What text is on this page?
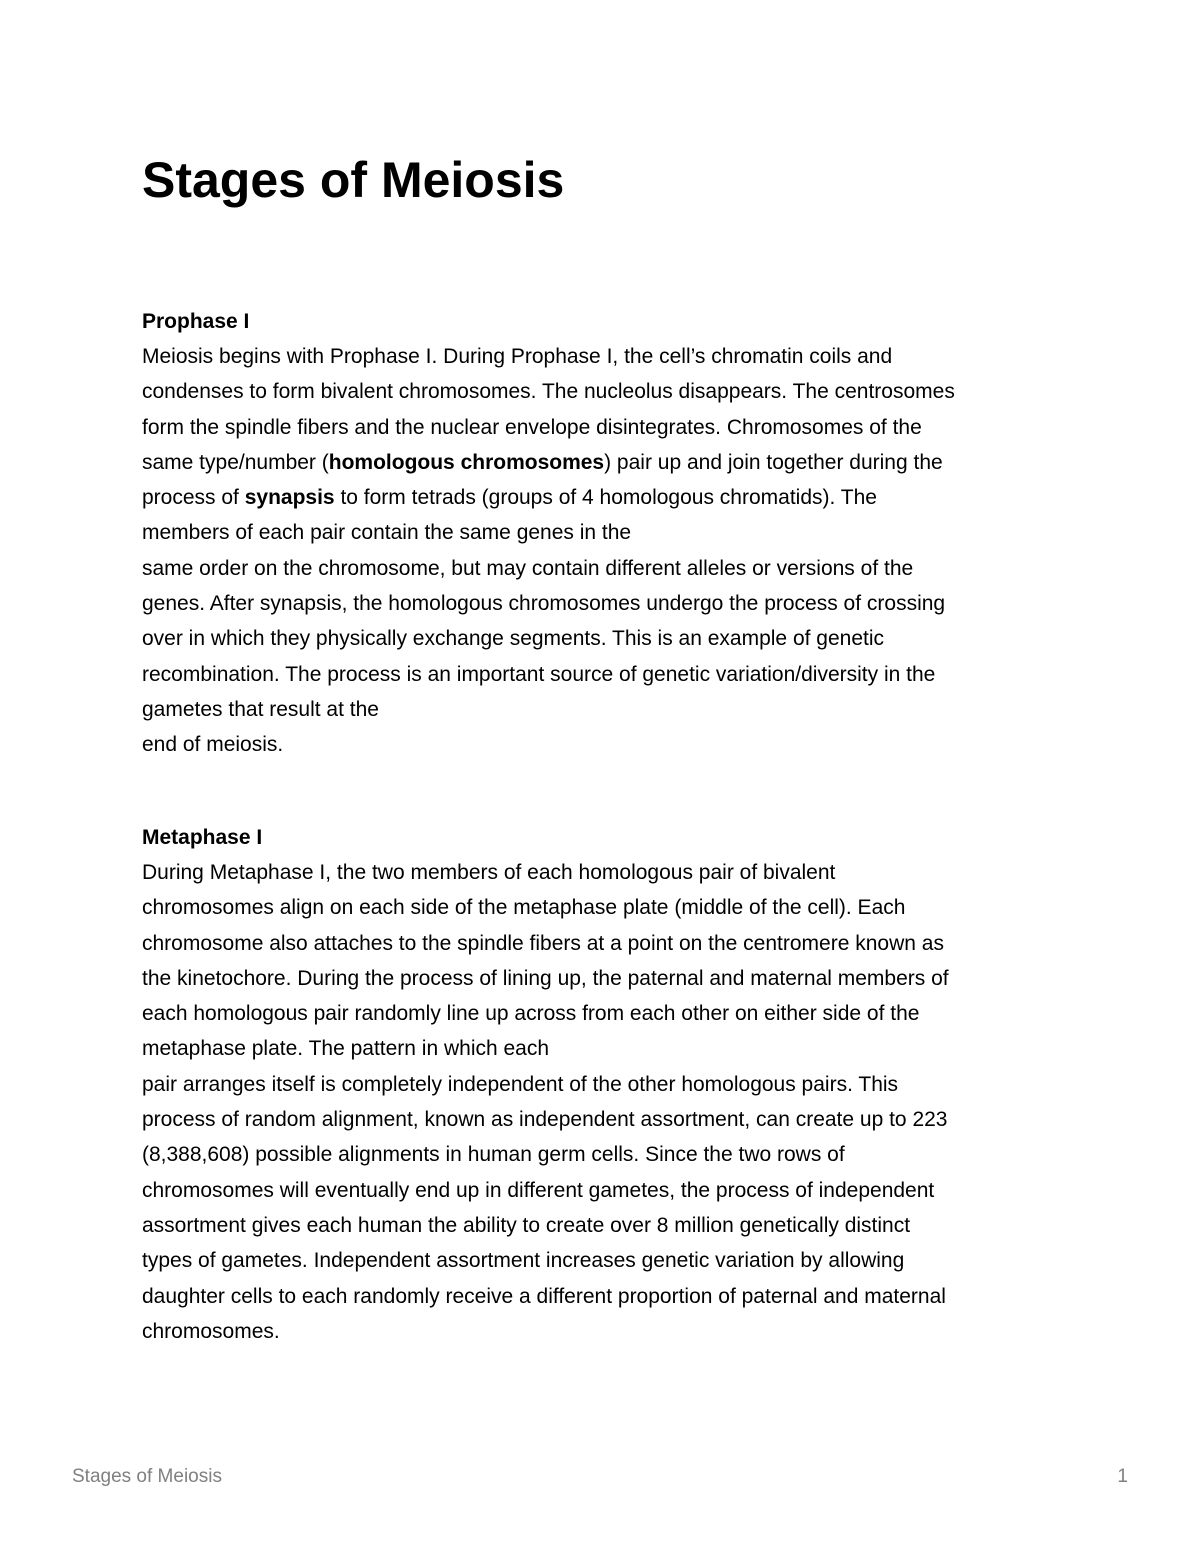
Stages of Meiosis
Prophase I
Meiosis begins with Prophase I. During Prophase I, the cell’s chromatin coils and
condenses to form bivalent chromosomes. The nucleolus disappears. The centrosomes
form the spindle fibers and the nuclear envelope disintegrates. Chromosomes of the
same type/number (homologous chromosomes) pair up and join together during the
process of synapsis to form tetrads (groups of 4 homologous chromatids). The
members of each pair contain the same genes in the
same order on the chromosome, but may contain different alleles or versions of the
genes. After synapsis, the homologous chromosomes undergo the process of crossing
over in which they physically exchange segments. This is an example of genetic
recombination. The process is an important source of genetic variation/diversity in the
gametes that result at the
end of meiosis.
Metaphase I
During Metaphase I, the two members of each homologous pair of bivalent
chromosomes align on each side of the metaphase plate (middle of the cell). Each
chromosome also attaches to the spindle fibers at a point on the centromere known as
the kinetochore. During the process of lining up, the paternal and maternal members of
each homologous pair randomly line up across from each other on either side of the
metaphase plate. The pattern in which each
pair arranges itself is completely independent of the other homologous pairs. This
process of random alignment, known as independent assortment, can create up to 223
(8,388,608) possible alignments in human germ cells. Since the two rows of
chromosomes will eventually end up in different gametes, the process of independent
assortment gives each human the ability to create over 8 million genetically distinct
types of gametes. Independent assortment increases genetic variation by allowing
daughter cells to each randomly receive a different proportion of paternal and maternal
chromosomes.
Stages of Meiosis	1
